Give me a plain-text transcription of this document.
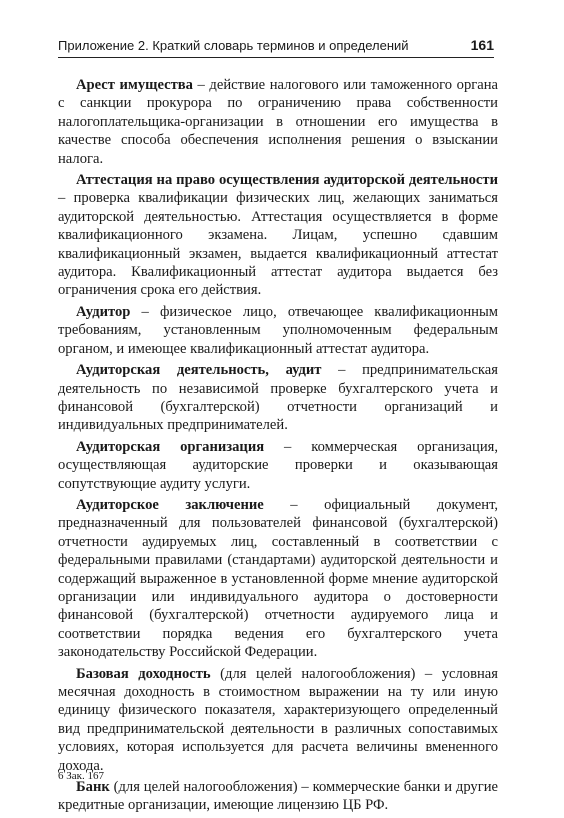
Приложение 2. Краткий словарь терминов и определений	161

Арест имущества – действие налогового или таможенного органа с санкции прокурора по ограничению права собственности налогоплательщика-организации в отношении его имущества в качестве способа обеспечения исполнения решения о взыскании налога.

Аттестация на право осуществления аудиторской деятельности – проверка квалификации физических лиц, желающих заниматься аудиторской деятельностью. Аттестация осуществляется в форме квалификационного экзамена. Лицам, успешно сдавшим квалификационный экзамен, выдается квалификационный аттестат аудитора. Квалификационный аттестат аудитора выдается без ограничения срока его действия.

Аудитор – физическое лицо, отвечающее квалификационным требованиям, установленным уполномоченным федеральным органом, и имеющее квалификационный аттестат аудитора.

Аудиторская деятельность, аудит – предпринимательская деятельность по независимой проверке бухгалтерского учета и финансовой (бухгалтерской) отчетности организаций и индивидуальных предпринимателей.

Аудиторская организация – коммерческая организация, осуществляющая аудиторские проверки и оказывающая сопутствующие аудиту услуги.

Аудиторское заключение – официальный документ, предназначенный для пользователей финансовой (бухгалтерской) отчетности аудируемых лиц, составленный в соответствии с федеральными правилами (стандартами) аудиторской деятельности и содержащий выраженное в установленной форме мнение аудиторской организации или индивидуального аудитора о достоверности финансовой (бухгалтерской) отчетности аудируемого лица и соответствии порядка ведения его бухгалтерского учета законодательству Российской Федерации.

Базовая доходность (для целей налогообложения) – условная месячная доходность в стоимостном выражении на ту или иную единицу физического показателя, характеризующего определенный вид предпринимательской деятельности в различных сопоставимых условиях, которая используется для расчета величины вмененного дохода.

Банк (для целей налогообложения) – коммерческие банки и другие кредитные организации, имеющие лицензию ЦБ РФ.

6 Зак. 167
